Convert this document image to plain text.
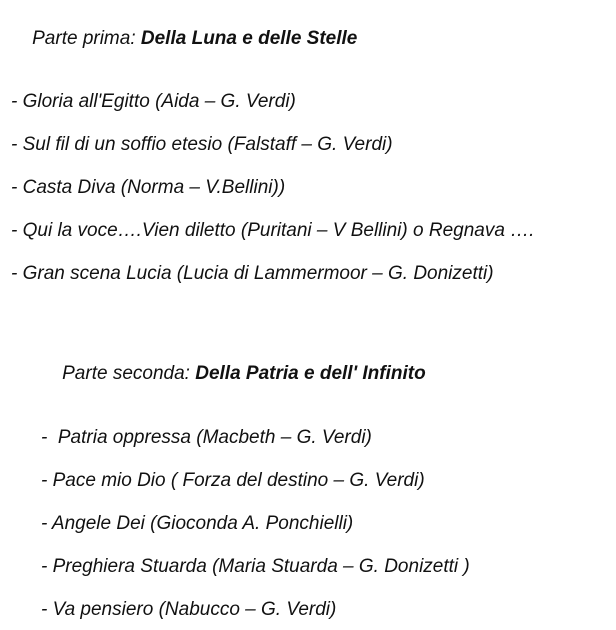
Parte prima: Della Luna e delle Stelle

- Gloria all'Egitto (Aida – G. Verdi)
- Sul fil di un soffio etesio (Falstaff – G. Verdi)
- Casta Diva (Norma – V.Bellini))
- Qui la voce….Vien diletto (Puritani – V Bellini) o Regnava ….
- Gran scena Lucia (Lucia di Lammermoor – G. Donizetti)

Parte seconda: Della Patria e dell' Infinito

-  Patria oppressa (Macbeth – G. Verdi)
- Pace mio Dio ( Forza del destino – G. Verdi)
- Angele Dei (Gioconda A. Ponchielli)
- Preghiera Stuarda (Maria Stuarda – G. Donizetti )
- Va pensiero (Nabucco – G. Verdi)
